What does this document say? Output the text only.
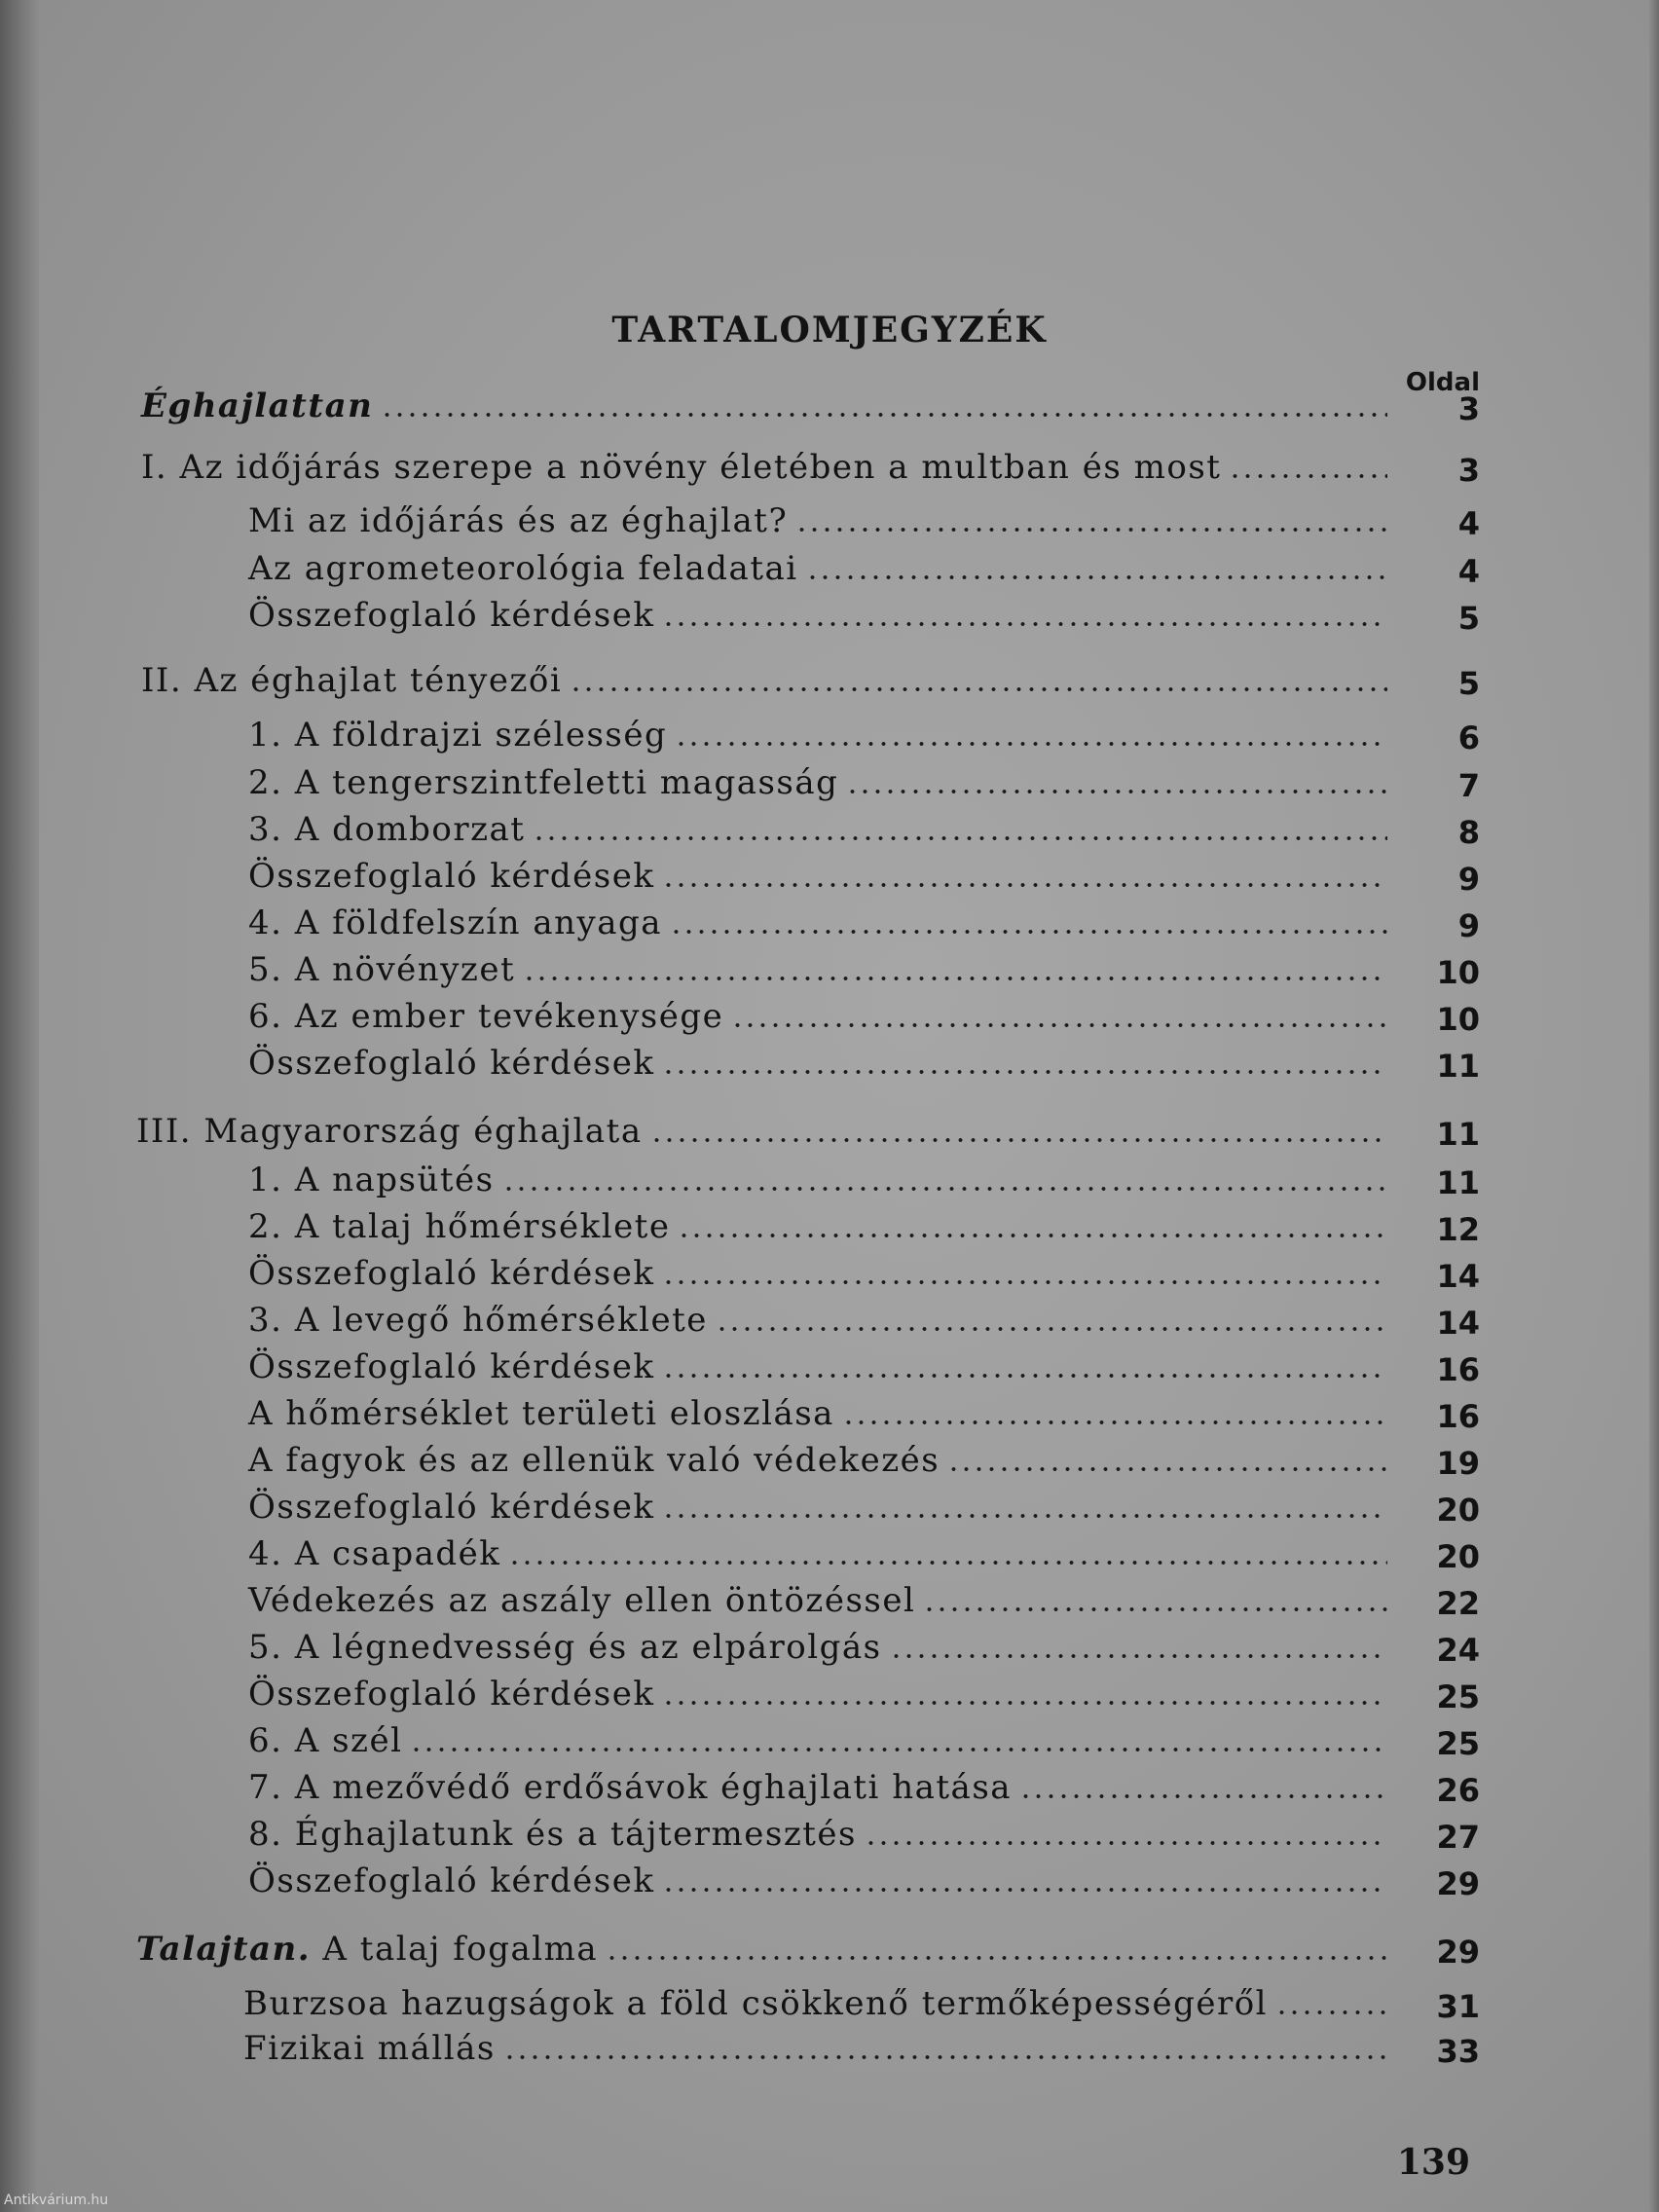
TARTALOMJEGYZÉK
Oldal
Éghajlattan	3
I. Az időjárás szerepe a növény életében a multban és most	3
Mi az időjárás és az éghajlat?	4
Az agrometeorológia feladatai	4
Összefoglaló kérdések	5
II. Az éghajlat tényezői	5
1. A földrajzi szélesség	6
2. A tengerszintfeletti magasság	7
3. A domborzat	8
Összefoglaló kérdések	9
4. A földfelszín anyaga	9
5. A növényzet	10
6. Az ember tevékenysége	10
Összefoglaló kérdések	11
III. Magyarország éghajlata	11
1. A napsütés	11
2. A talaj hőmérséklete	12
Összefoglaló kérdések	14
3. A levegő hőmérséklete	14
Összefoglaló kérdések	16
A hőmérséklet területi eloszlása	16
A fagyok és az ellenük való védekezés	19
Összefoglaló kérdések	20
4. A csapadék	20
Védekezés az aszály ellen öntözéssel	22
5. A légnedvesség és az elpárolgás	24
Összefoglaló kérdések	25
6. A szél	25
7. A mezővédő erdősávok éghajlati hatása	26
8. Éghajlatunk és a tájtermesztés	27
Összefoglaló kérdések	29
Talajtan. A talaj fogalma	29
Burzsoa hazugságok a föld csökkenő termőképességéről	31
Fizikai mállás	33
139
Antikvárium.hu
